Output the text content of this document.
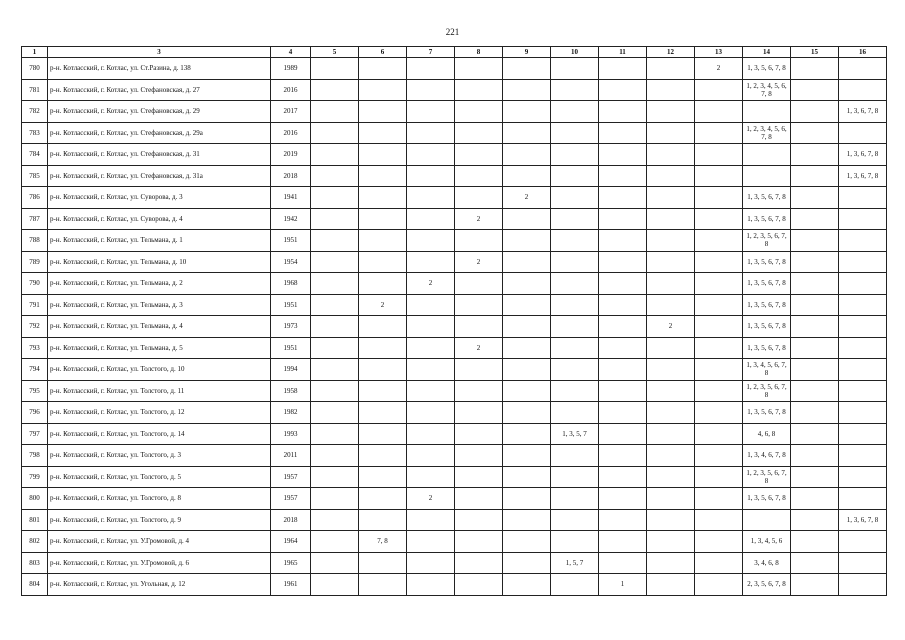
221
1	3	4	5	6	7	8	9	10	11	12	13	14	15	16
780	р-н. Котласский, г. Котлас, ул. Ст.Разина, д. 138	1989									2	1, 3, 5, 6, 7, 8		
781	р-н. Котласский, г. Котлас, ул. Стефановская, д. 27	2016										1, 2, 3, 4, 5, 6, 7, 8		
782	р-н. Котласский, г. Котлас, ул. Стефановская, д. 29	2017												1, 3, 6, 7, 8
783	р-н. Котласский, г. Котлас, ул. Стефановская, д. 29а	2016										1, 2, 3, 4, 5, 6, 7, 8		
784	р-н. Котласский, г. Котлас, ул. Стефановская, д. 31	2019												1, 3, 6, 7, 8
785	р-н. Котласский, г. Котлас, ул. Стефановская, д. 31а	2018												1, 3, 6, 7, 8
786	р-н. Котласский, г. Котлас, ул. Суворова, д. 3	1941					2					1, 3, 5, 6, 7, 8		
787	р-н. Котласский, г. Котлас, ул. Суворова, д. 4	1942				2						1, 3, 5, 6, 7, 8		
788	р-н. Котласский, г. Котлас, ул. Тельмана, д. 1	1951										1, 2, 3, 5, 6, 7, 8		
789	р-н. Котласский, г. Котлас, ул. Тельмана, д. 10	1954				2						1, 3, 5, 6, 7, 8		
790	р-н. Котласский, г. Котлас, ул. Тельмана, д. 2	1968			2							1, 3, 5, 6, 7, 8		
791	р-н. Котласский, г. Котлас, ул. Тельмана, д. 3	1951		2								1, 3, 5, 6, 7, 8		
792	р-н. Котласский, г. Котлас, ул. Тельмана, д. 4	1973								2		1, 3, 5, 6, 7, 8		
793	р-н. Котласский, г. Котлас, ул. Тельмана, д. 5	1951				2						1, 3, 5, 6, 7, 8		
794	р-н. Котласский, г. Котлас, ул. Толстого, д. 10	1994										1, 3, 4, 5, 6, 7, 8		
795	р-н. Котласский, г. Котлас, ул. Толстого, д. 11	1958										1, 2, 3, 5, 6, 7, 8		
796	р-н. Котласский, г. Котлас, ул. Толстого, д. 12	1982										1, 3, 5, 6, 7, 8		
797	р-н. Котласский, г. Котлас, ул. Толстого, д. 14	1993						1, 3, 5, 7				4, 6, 8		
798	р-н. Котласский, г. Котлас, ул. Толстого, д. 3	2011										1, 3, 4, 6, 7, 8		
799	р-н. Котласский, г. Котлас, ул. Толстого, д. 5	1957										1, 2, 3, 5, 6, 7, 8		
800	р-н. Котласский, г. Котлас, ул. Толстого, д. 8	1957			2							1, 3, 5, 6, 7, 8		
801	р-н. Котласский, г. Котлас, ул. Толстого, д. 9	2018												1, 3, 6, 7, 8
802	р-н. Котласский, г. Котлас, ул. У.Громовой, д. 4	1964		7, 8								1, 3, 4, 5, 6		
803	р-н. Котласский, г. Котлас, ул. У.Громовой, д. 6	1965						1, 5, 7				3, 4, 6, 8		
804	р-н. Котласский, г. Котлас, ул. Угольная, д. 12	1961							1			2, 3, 5, 6, 7, 8		
